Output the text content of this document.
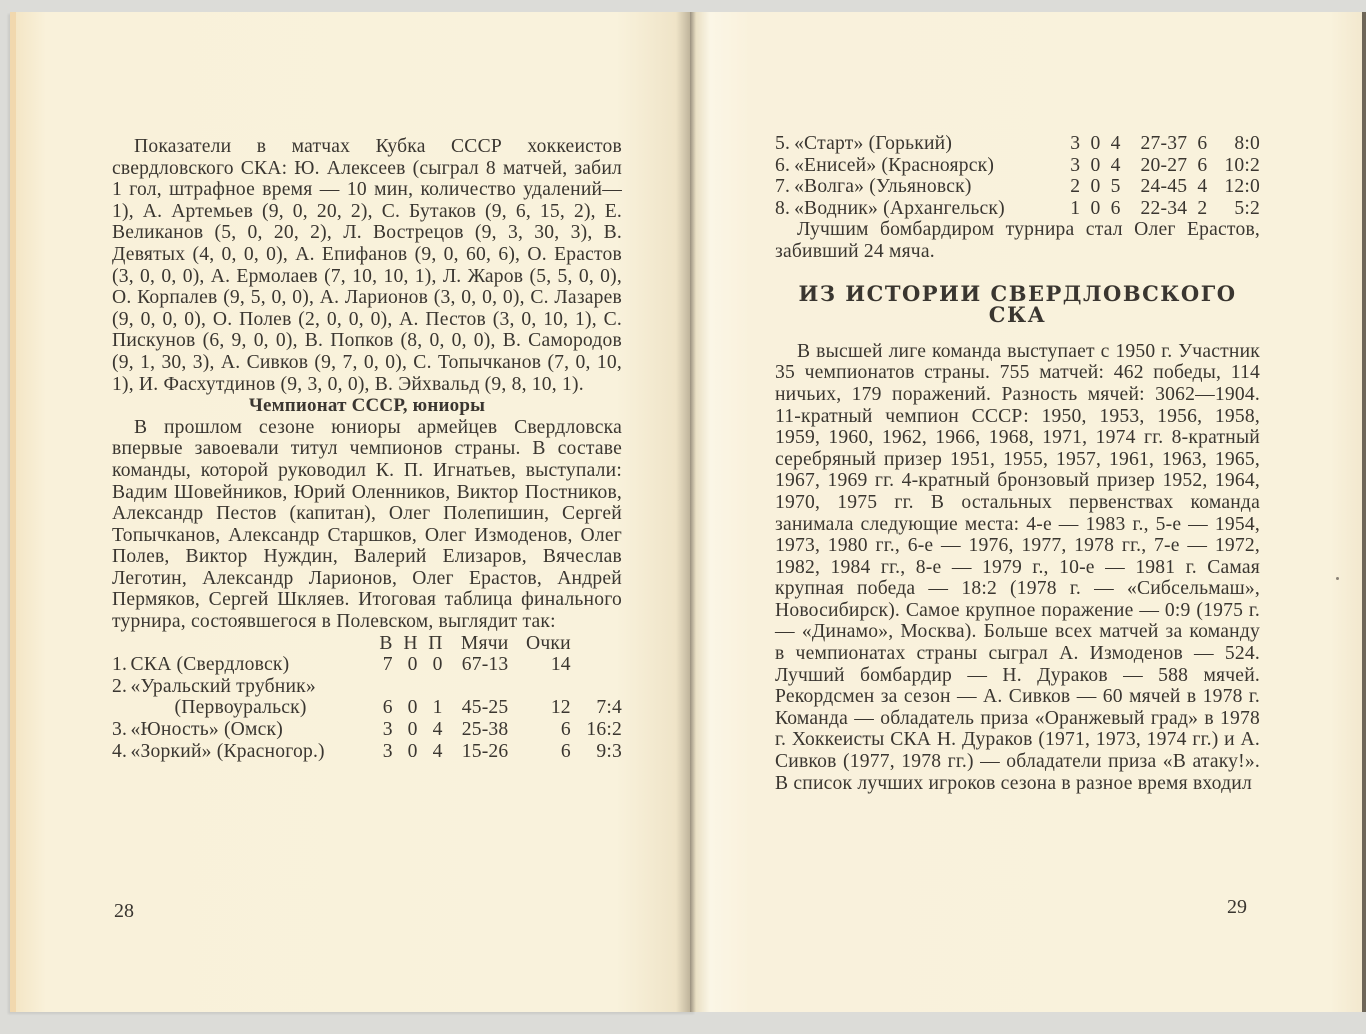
Показатели в матчах Кубка СССР хоккеистов свердловского СКА: Ю. Алексеев (сыграл 8 матчей, забил 1 гол, штрафное время — 10 мин, количество удалений—1), А. Артемьев (9, 0, 20, 2), С. Бутаков (9, 6, 15, 2), Е. Великанов (5, 0, 20, 2), Л. Вострецов (9, 3, 30, 3), В. Девятых (4, 0, 0, 0), А. Епифанов (9, 0, 60, 6), О. Ерастов (3, 0, 0, 0), А. Ермолаев (7, 10, 10, 1), Л. Жаров (5, 5, 0, 0), О. Корпалев (9, 5, 0, 0), А. Ларионов (3, 0, 0, 0), С. Лазарев (9, 0, 0, 0), О. Полев (2, 0, 0, 0), А. Пестов (3, 0, 10, 1), С. Пискунов (6, 9, 0, 0), В. Попков (8, 0, 0, 0), В. Самородов (9, 1, 30, 3), А. Сивков (9, 7, 0, 0), С. Топычканов (7, 0, 10, 1), И. Фасхутдинов (9, 3, 0, 0), В. Эйхвальд (9, 8, 10, 1).

Чемпионат СССР, юниоры

В прошлом сезоне юниоры армейцев Свердловска впервые завоевали титул чемпионов страны. В составе команды, которой руководил К. П. Игнатьев, выступали: Вадим Шовейников, Юрий Оленников, Виктор Постников, Александр Пестов (капитан), Олег Полепишин, Сергей Топычканов, Александр Старшков, Олег Измоденов, Олег Полев, Виктор Нуждин, Валерий Елизаров, Вячеслав Леготин, Александр Ларионов, Олег Ерастов, Андрей Пермяков, Сергей Шкляев. Итоговая таблица финального турнира, состоявшегося в Полевском, выглядит так:

		В	Н	П	Мячи	Очки	
1.	СКА (Свердловск)	7	0	0	67-13	14	
2.	«Уральский трубник»						
	(Первоуральск)	6	0	1	45-25	12	7:4
3.	«Юность» (Омск)	3	0	4	25-38	6	16:2
4.	«Зоркий» (Красногор.)	3	0	4	15-26	6	9:3
28
5.	«Старт» (Горький)	3	0	4	27-37	6	8:0
6.	«Енисей» (Красноярск)	3	0	4	20-27	6	10:2
7.	«Волга» (Ульяновск)	2	0	5	24-45	4	12:0
8.	«Водник» (Архангельск)	1	0	6	22-34	2	5:2

Лучшим бомбардиром турнира стал Олег Ерастов, забивший 24 мяча.

ИЗ ИСТОРИИ СВЕРДЛОВСКОГО СКА

В высшей лиге команда выступает с 1950 г. Участник 35 чемпионатов страны. 755 матчей: 462 победы, 114 ничьих, 179 поражений. Разность мячей: 3062—1904. 11-кратный чемпион СССР: 1950, 1953, 1956, 1958, 1959, 1960, 1962, 1966, 1968, 1971, 1974 гг. 8-кратный серебряный призер 1951, 1955, 1957, 1961, 1963, 1965, 1967, 1969 гг. 4-кратный бронзовый призер 1952, 1964, 1970, 1975 гг. В остальных первенствах команда занимала следующие места: 4-е — 1983 г., 5-е — 1954, 1973, 1980 гг., 6-е — 1976, 1977, 1978 гг., 7-е — 1972, 1982, 1984 гг., 8-е — 1979 г., 10-е — 1981 г. Самая крупная победа — 18:2 (1978 г. — «Сибсельмаш», Новосибирск). Самое крупное поражение — 0:9 (1975 г. — «Динамо», Москва). Больше всех матчей за команду в чемпионатах страны сыграл А. Измоденов — 524. Лучший бомбардир — Н. Дураков — 588 мячей. Рекордсмен за сезон — А. Сивков — 60 мячей в 1978 г. Команда — обладатель приза «Оранжевый град» в 1978 г. Хоккеисты СКА Н. Дураков (1971, 1973, 1974 гг.) и А. Сивков (1977, 1978 гг.) — обладатели приза «В атаку!». В список лучших игроков сезона в разное время входил

29
